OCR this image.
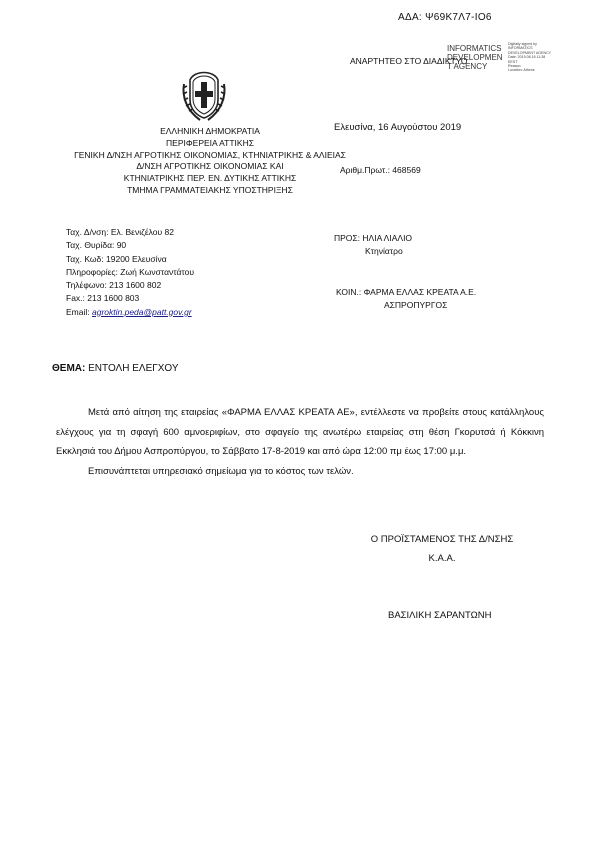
ΑΔΑ: Ψ69Κ7Λ7-ΙΟ6
ΑΝΑΡΤΗΤΕΟ ΣΤΟ ΔΙΑΔΙΚΤΥΟ
INFORMATICS
DEVELOPMEN
T AGENCY
Digitally signed by
INFORMATICS
DEVELOPMENT AGENCY
Date: 2019.08.16 11:38
EEST
Reason:
Location: Athens
ΕΛΛΗΝΙΚΗ ΔΗΜΟΚΡΑΤΙΑ
ΠΕΡΙΦΕΡΕΙΑ ΑΤΤΙΚΗΣ
ΓΕΝΙΚΗ Δ/ΝΣΗ ΑΓΡΟΤΙΚΗΣ ΟΙΚΟΝΟΜΙΑΣ, ΚΤΗΝΙΑΤΡΙΚΗΣ & ΑΛΙΕΙΑΣ
Δ/ΝΣΗ ΑΓΡΟΤΙΚΗΣ ΟΙΚΟΝΟΜΙΑΣ ΚΑΙ
ΚΤΗΝΙΑΤΡΙΚΗΣ ΠΕΡ. ΕΝ. ΔΥΤΙΚΗΣ ΑΤΤΙΚΗΣ
ΤΜΗΜΑ ΓΡΑΜΜΑΤΕΙΑΚΗΣ ΥΠΟΣΤΗΡΙΞΗΣ
Ελευσίνα, 16 Αυγούστου 2019
Αριθμ.Πρωτ.: 468569
Ταχ. Δ/νση: Ελ. Βενιζέλου 82
Ταχ. Θυρίδα: 90
Ταχ. Κωδ: 19200 Ελευσίνα
Πληροφορίες: Ζωή Κωνσταντάτου
Τηλέφωνο: 213 1600 802
Fax.: 213 1600 803
Email: agroktin.peda@patt.gov.gr
ΠΡΟΣ: ΗΛΙΑ ΛΙΑΛΙΟ
Κτηνίατρο
ΚΟΙΝ.: ΦΑΡΜΑ ΕΛΛΑΣ ΚΡΕΑΤΑ Α.Ε.
ΑΣΠΡΟΠΥΡΓΟΣ
ΘΕΜΑ: ΕΝΤΟΛΗ ΕΛΕΓΧΟΥ

Μετά από αίτηση της εταιρείας «ΦΑΡΜΑ ΕΛΛΑΣ ΚΡΕΑΤΑ ΑΕ», εντέλλεστε να προβείτε στους κατάλληλους ελέγχους για τη σφαγή 600 αμνοεριφίων, στο σφαγείο της ανωτέρω εταιρείας στη θέση Γκορυτσά ή Κόκκινη Εκκλησιά του Δήμου Ασπροπύργου, το Σάββατο 17-8-2019 και από ώρα 12:00 πμ έως 17:00 μ.μ.

Επισυνάπτεται υπηρεσιακό σημείωμα για το κόστος των τελών.

Ο ΠΡΟΪΣΤΑΜΕΝΟΣ ΤΗΣ Δ/ΝΣΗΣ
Κ.Α.Α.
ΒΑΣΙΛΙΚΗ ΣΑΡΑΝΤΩΝΗ
